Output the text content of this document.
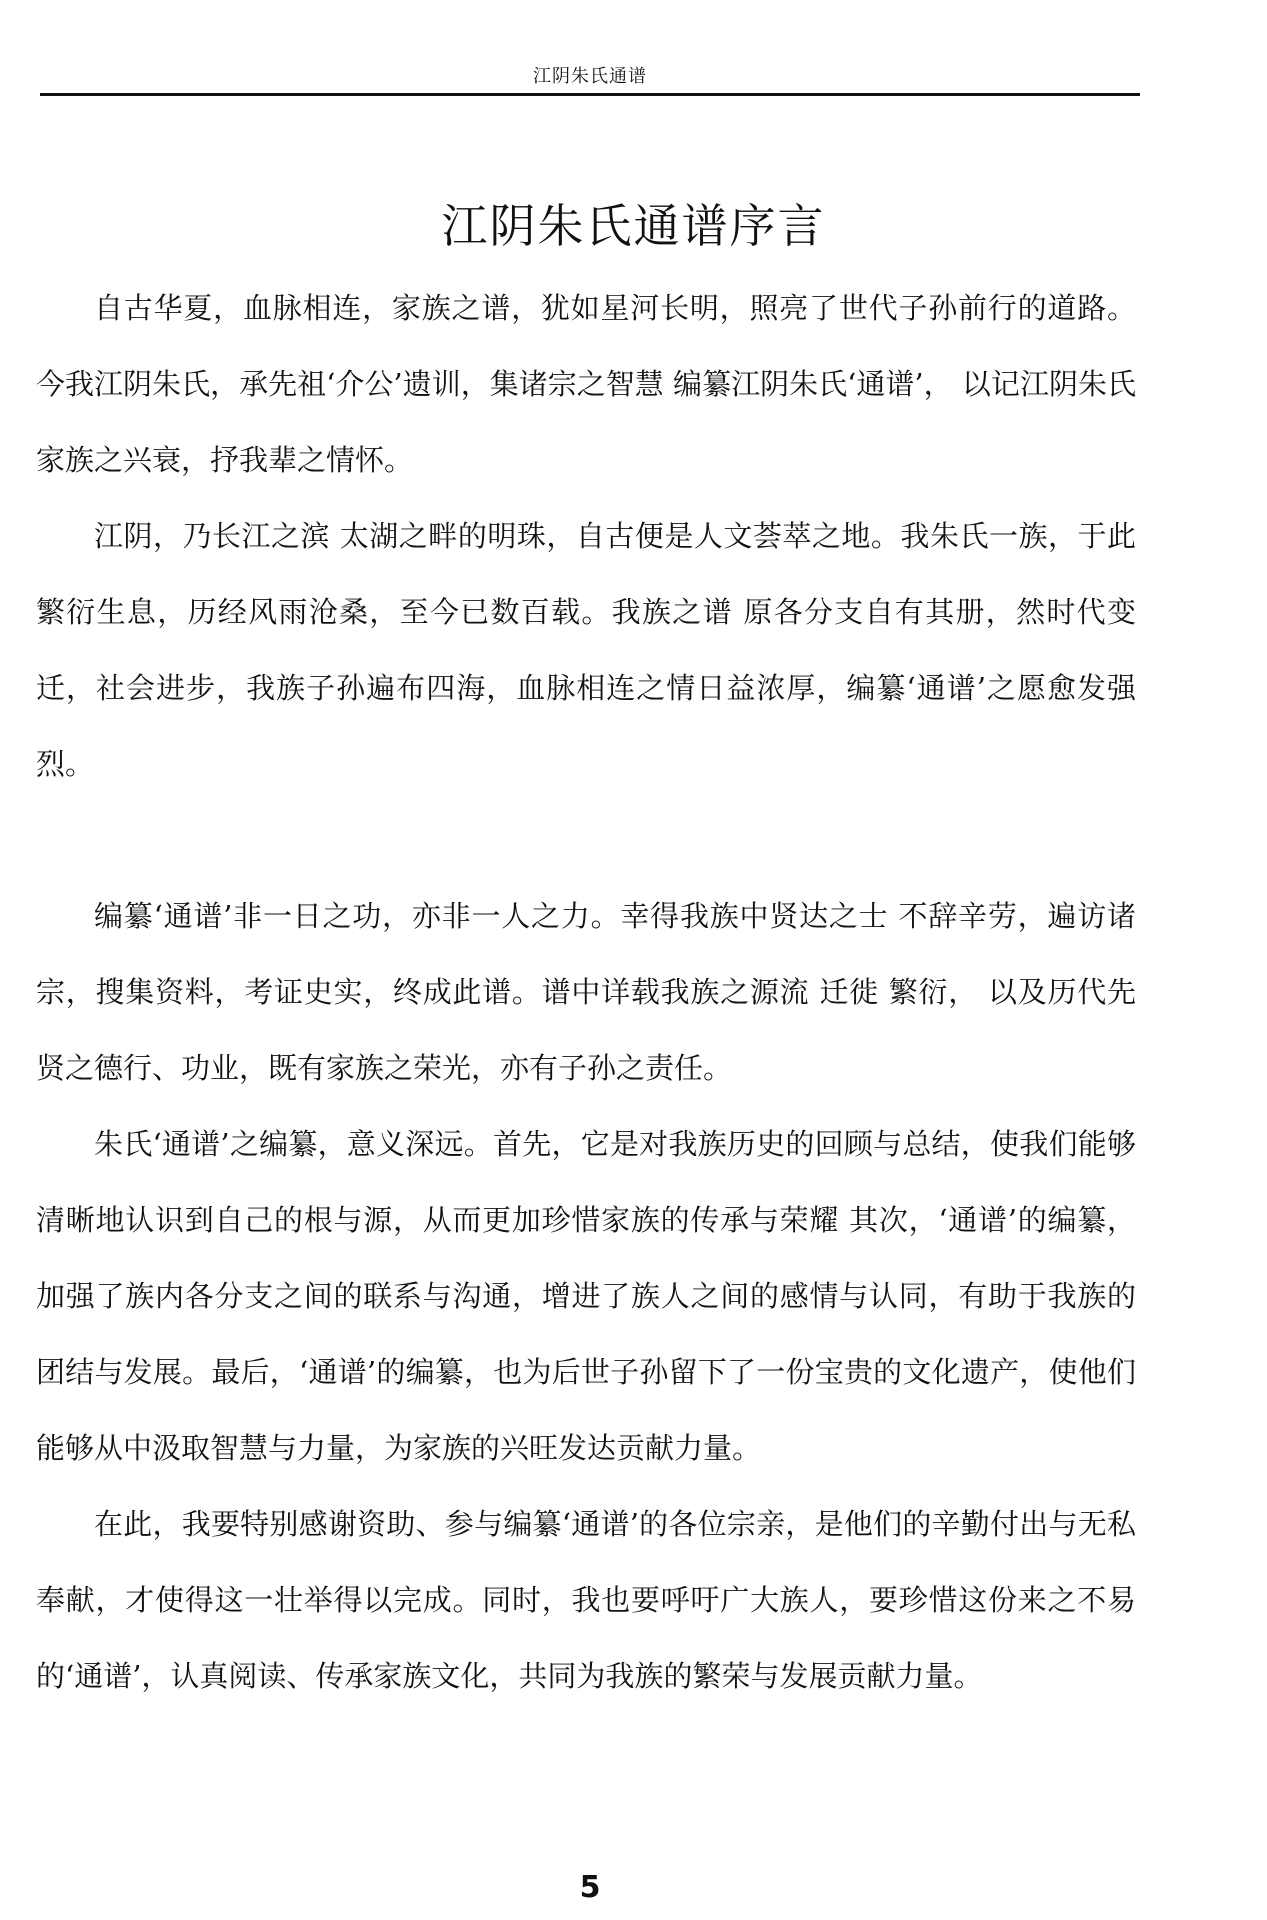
江阴朱氏通谱
江阴朱氏通谱序言

自古华夏，血脉相连，家族之谱，犹如星河长明，照亮了世代子孙前行的道路。今我江阴朱氏，承先祖‘介公’遗训，集诸宗之智慧 编纂江阴朱氏‘通谱’， 以记江阴朱氏家族之兴衰，抒我辈之情怀。

江阴，乃长江之滨 太湖之畔的明珠，自古便是人文荟萃之地。我朱氏一族，于此繁衍生息，历经风雨沧桑，至今已数百载。我族之谱 原各分支自有其册，然时代变迁，社会进步，我族子孙遍布四海，血脉相连之情日益浓厚，编纂‘通谱’之愿愈发强烈。

编纂‘通谱’非一日之功，亦非一人之力。幸得我族中贤达之士 不辞辛劳，遍访诸宗，搜集资料，考证史实，终成此谱。谱中详载我族之源流 迁徙 繁衍， 以及历代先贤之德行、功业，既有家族之荣光，亦有子孙之责任。

朱氏‘通谱’之编纂，意义深远。首先，它是对我族历史的回顾与总结，使我们能够清晰地认识到自己的根与源，从而更加珍惜家族的传承与荣耀 其次，‘通谱’的编纂，加强了族内各分支之间的联系与沟通，增进了族人之间的感情与认同，有助于我族的团结与发展。最后，‘通谱’的编纂，也为后世子孙留下了一份宝贵的文化遗产，使他们能够从中汲取智慧与力量，为家族的兴旺发达贡献力量。

在此，我要特别感谢资助、参与编纂‘通谱’的各位宗亲，是他们的辛勤付出与无私奉献，才使得这一壮举得以完成。同时，我也要呼吁广大族人，要珍惜这份来之不易的‘通谱’，认真阅读、传承家族文化，共同为我族的繁荣与发展贡献力量。

5
